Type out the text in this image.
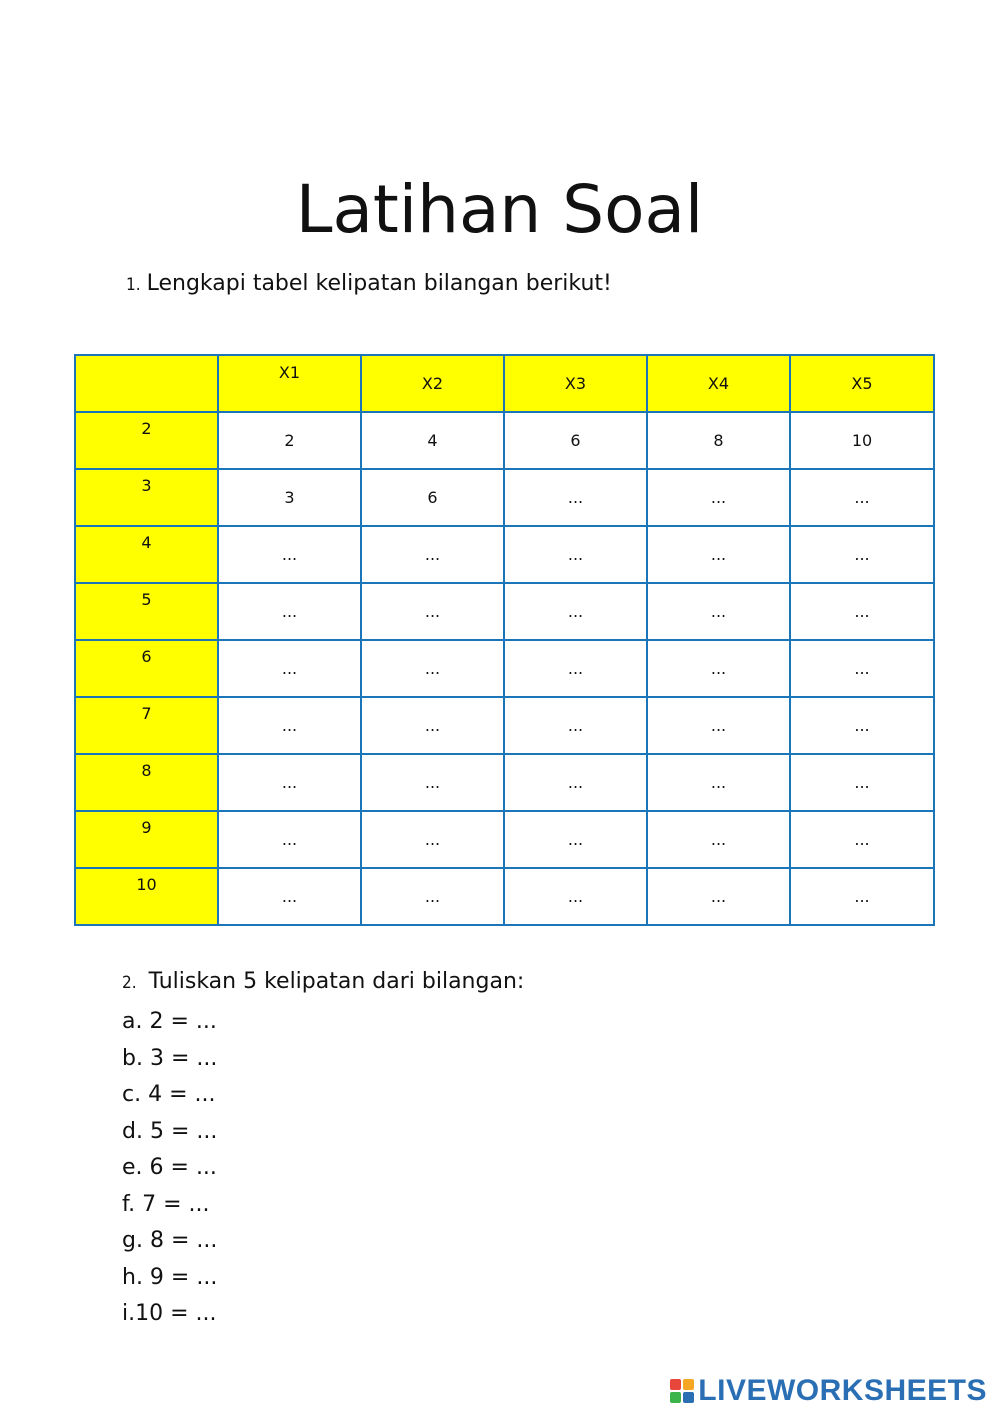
Latihan Soal
1. Lengkapi tabel kelipatan bilangan berikut!

	X1	X2	X3	X4	X5

2	2	4	6	8	10

3	3	6	...	...	...

4	...	...	...	...	...

5	...	...	...	...	...

6	...	...	...	...	...

7	...	...	...	...	...

8	...	...	...	...	...

9	...	...	...	...	...

10	...	...	...	...	...
2. Tuliskan 5 kelipatan dari bilangan:
a. 2 = ...
b. 3 = ...
c. 4 = ...
d. 5 = ...
e. 6 = ...
f. 7 = ...
g. 8 = ...
h. 9 = ...
i.10 = ...
LIVEWORKSHEETS
